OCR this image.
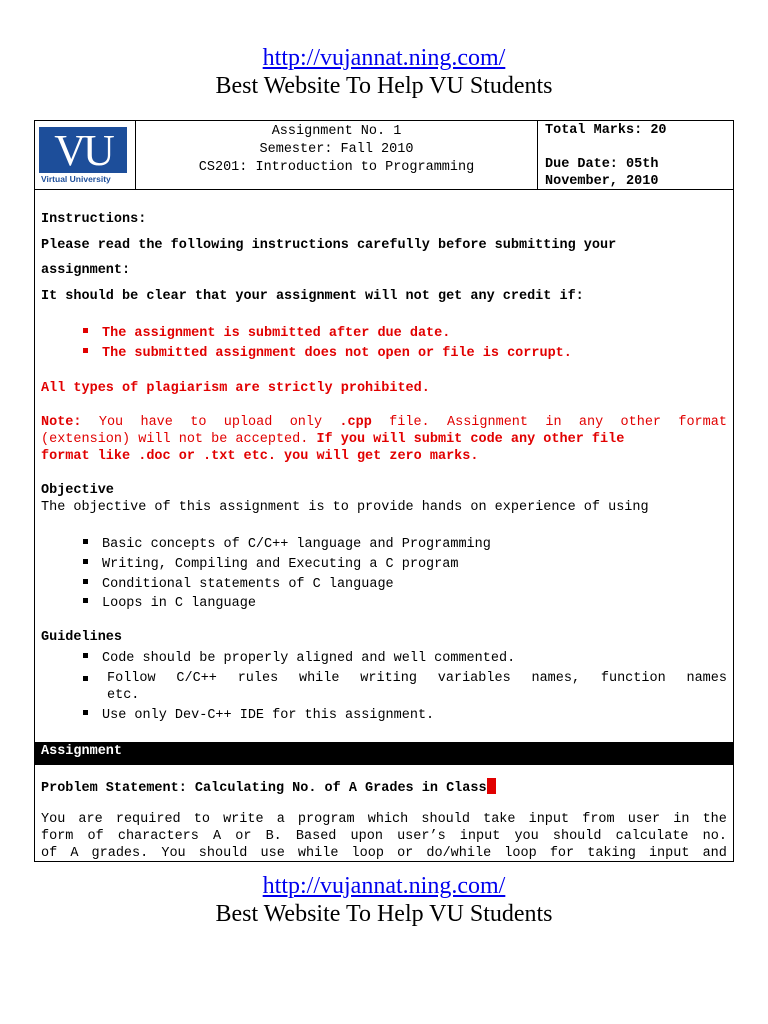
http://vujannat.ning.com/
Best Website To Help VU Students
VU
Virtual University
Assignment No. 1
Semester: Fall 2010
CS201: Introduction to Programming
Total Marks: 20
Due Date: 05th
November, 2010
Instructions:
Please read the following instructions carefully before submitting your
assignment:
It should be clear that your assignment will not get any credit if:
The assignment is submitted after due date.
The submitted assignment does not open or file is corrupt.
All types of plagiarism are strictly prohibited.
Note: You have to upload only .cpp file. Assignment in any other format
(extension) will not be accepted. If you will submit code any other file
format like .doc or .txt etc. you will get zero marks.
Objective
The objective of this assignment is to provide hands on experience of using
Basic concepts of C/C++ language and Programming
Writing, Compiling and Executing a C program
Conditional statements of C language
Loops in C language
Guidelines
Code should be properly aligned and well commented.
Follow C/C++ rules while writing variables names, function names
etc.
Use only Dev-C++ IDE for this assignment.
Problem Statement: Calculating No. of A Grades in Class
You are required to write a program which should take input from user in the
form of characters A or B. Based upon user’s input you should calculate no.
of A grades. You should use while loop or do/while loop for taking input and
Assignment
http://vujannat.ning.com/
Best Website To Help VU Students
